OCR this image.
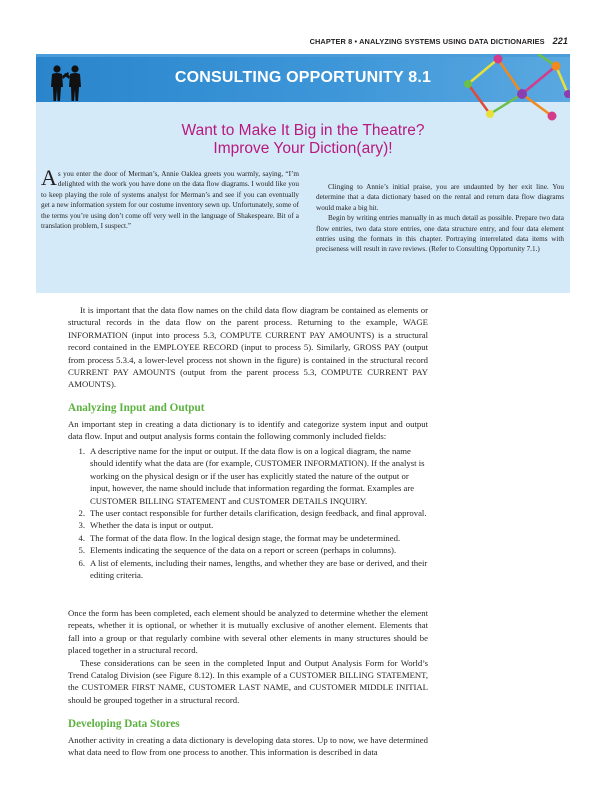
CHAPTER 8 • ANALYZING SYSTEMS USING DATA DICTIONARIES 221
CONSULTING OPPORTUNITY 8.1
Want to Make It Big in the Theatre?
Improve Your Diction(ary)!

As you enter the door of Merman’s, Annie Oaklea greets you warmly, saying, “I’m delighted with the work you have done on the data flow diagrams. I would like you to keep playing the role of systems analyst for Merman’s and see if you can eventually get a new information system for our costume inventory sewn up. Unfortunately, some of the terms you’re using don’t come off very well in the language of Shakespeare. Bit of a translation problem, I suspect.”

Clinging to Annie’s initial praise, you are undaunted by her exit line. You determine that a data dictionary based on the rental and return data flow diagrams would make a big hit.

Begin by writing entries manually in as much detail as possible. Prepare two data flow entries, two data store entries, one data structure entry, and four data element entries using the formats in this chapter. Portraying interrelated data items with preciseness will result in rave reviews. (Refer to Consulting Opportunity 7.1.)

It is important that the data flow names on the child data flow diagram be contained as elements or structural records in the data flow on the parent process. Returning to the example, WAGE INFORMATION (input into process 5.3, COMPUTE CURRENT PAY AMOUNTS) is a structural record contained in the EMPLOYEE RECORD (input to process 5). Similarly, GROSS PAY (output from process 5.3.4, a lower-level process not shown in the figure) is contained in the structural record CURRENT PAY AMOUNTS (output from the parent process 5.3, COMPUTE CURRENT PAY AMOUNTS).

Analyzing Input and Output

An important step in creating a data dictionary is to identify and categorize system input and output data flow. Input and output analysis forms contain the following commonly included fields:

1. A descriptive name for the input or output. If the data flow is on a logical diagram, the name should identify what the data are (for example, CUSTOMER INFORMATION). If the analyst is working on the physical design or if the user has explicitly stated the nature of the output or input, however, the name should include that information regarding the format. Examples are CUSTOMER BILLING STATEMENT and CUSTOMER DETAILS INQUIRY.
2. The user contact responsible for further details clarification, design feedback, and final approval.
3. Whether the data is input or output.
4. The format of the data flow. In the logical design stage, the format may be undetermined.
5. Elements indicating the sequence of the data on a report or screen (perhaps in columns).
6. A list of elements, including their names, lengths, and whether they are base or derived, and their editing criteria.

Once the form has been completed, each element should be analyzed to determine whether the element repeats, whether it is optional, or whether it is mutually exclusive of another element. Elements that fall into a group or that regularly combine with several other elements in many structures should be placed together in a structural record.

These considerations can be seen in the completed Input and Output Analysis Form for World’s Trend Catalog Division (see Figure 8.12). In this example of a CUSTOMER BILLING STATEMENT, the CUSTOMER FIRST NAME, CUSTOMER LAST NAME, and CUSTOMER MIDDLE INITIAL should be grouped together in a structural record.

Developing Data Stores

Another activity in creating a data dictionary is developing data stores. Up to now, we have determined what data need to flow from one process to another. This information is described in data
